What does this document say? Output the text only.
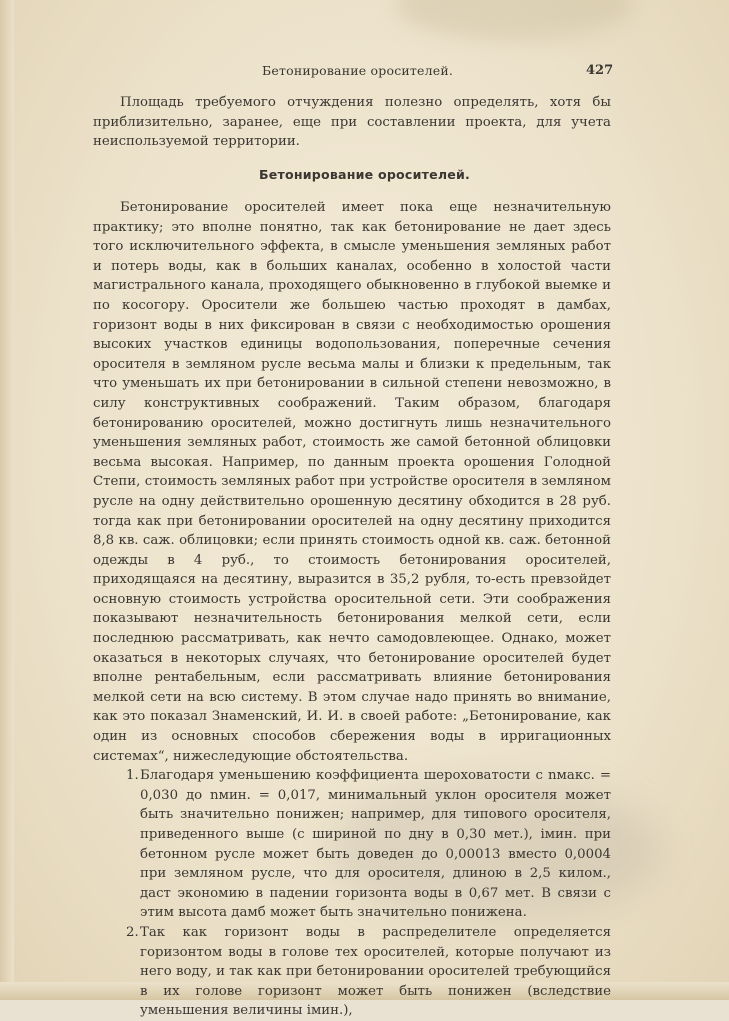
Бетонирование оросителей.	427

Площадь требуемого отчуждения полезно определять, хотя бы приблизительно, заранее, еще при составлении проекта, для учета неиспользуемой территории.

Бетонирование оросителей.

Бетонирование оросителей имеет пока еще незначительную практику; это вполне понятно, так как бетонирование не дает здесь того исключительного эффекта, в смысле уменьшения земляных работ и потерь воды, как в больших каналах, особенно в холостой части магистрального канала, проходящего обыкновенно в глубокой выемке и по косогору. Оросители же большею частью проходят в дамбах, горизонт воды в них фиксирован в связи с необходимостью орошения высоких участков единицы водопользования, поперечные сечения оросителя в земляном русле весьма малы и близки к предельным, так что уменьшать их при бетонировании в сильной степени невозможно, в силу конструктивных соображений. Таким образом, благодаря бетонированию оросителей, можно достигнуть лишь незначительного уменьшения земляных работ, стоимость же самой бетонной облицовки весьма высокая. Например, по данным проекта орошения Голодной Степи, стоимость земляных работ при устройстве оросителя в земляном русле на одну действительно орошенную десятину обходится в 28 руб. тогда как при бетонировании оросителей на одну десятину приходится 8,8 кв. саж. облицовки; если принять стоимость одной кв. саж. бетонной одежды в 4 руб., то стоимость бетонирования оросителей, приходящаяся на десятину, выразится в 35,2 рубля, то-есть превзойдет основную стоимость устройства оросительной сети. Эти соображения показывают незначительность бетонирования мелкой сети, если последнюю рассматривать, как нечто самодовлеющее. Однако, может оказаться в некоторых случаях, что бетонирование оросителей будет вполне рентабельным, если рассматривать влияние бетонирования мелкой сети на всю систему. В этом случае надо принять во внимание, как это показал Знаменский, И. И. в своей работе: „Бетонирование, как один из основных способов сбережения воды в ирригационных системах“, нижеследующие обстоятельства.

1. Благодаря уменьшению коэффициента шероховатости с nмакс. = 0,030 до nмин. = 0,017, минимальный уклон оросителя может быть значительно понижен; например, для типового оросителя, приведенного выше (с шириной по дну в 0,30 мет.), iмин. при бетонном русле может быть доведен до 0,00013 вместо 0,0004 при земляном русле, что для оросителя, длиною в 2,5 килом., даст экономию в падении горизонта воды в 0,67 мет. В связи с этим высота дамб может быть значительно понижена.
2. Так как горизонт воды в распределителе определяется горизонтом воды в голове тех оросителей, которые получают из него воду, и так как при бетонировании оросителей требующийся в их голове горизонт может быть понижен (вследствие уменьшения величины iмин.),
